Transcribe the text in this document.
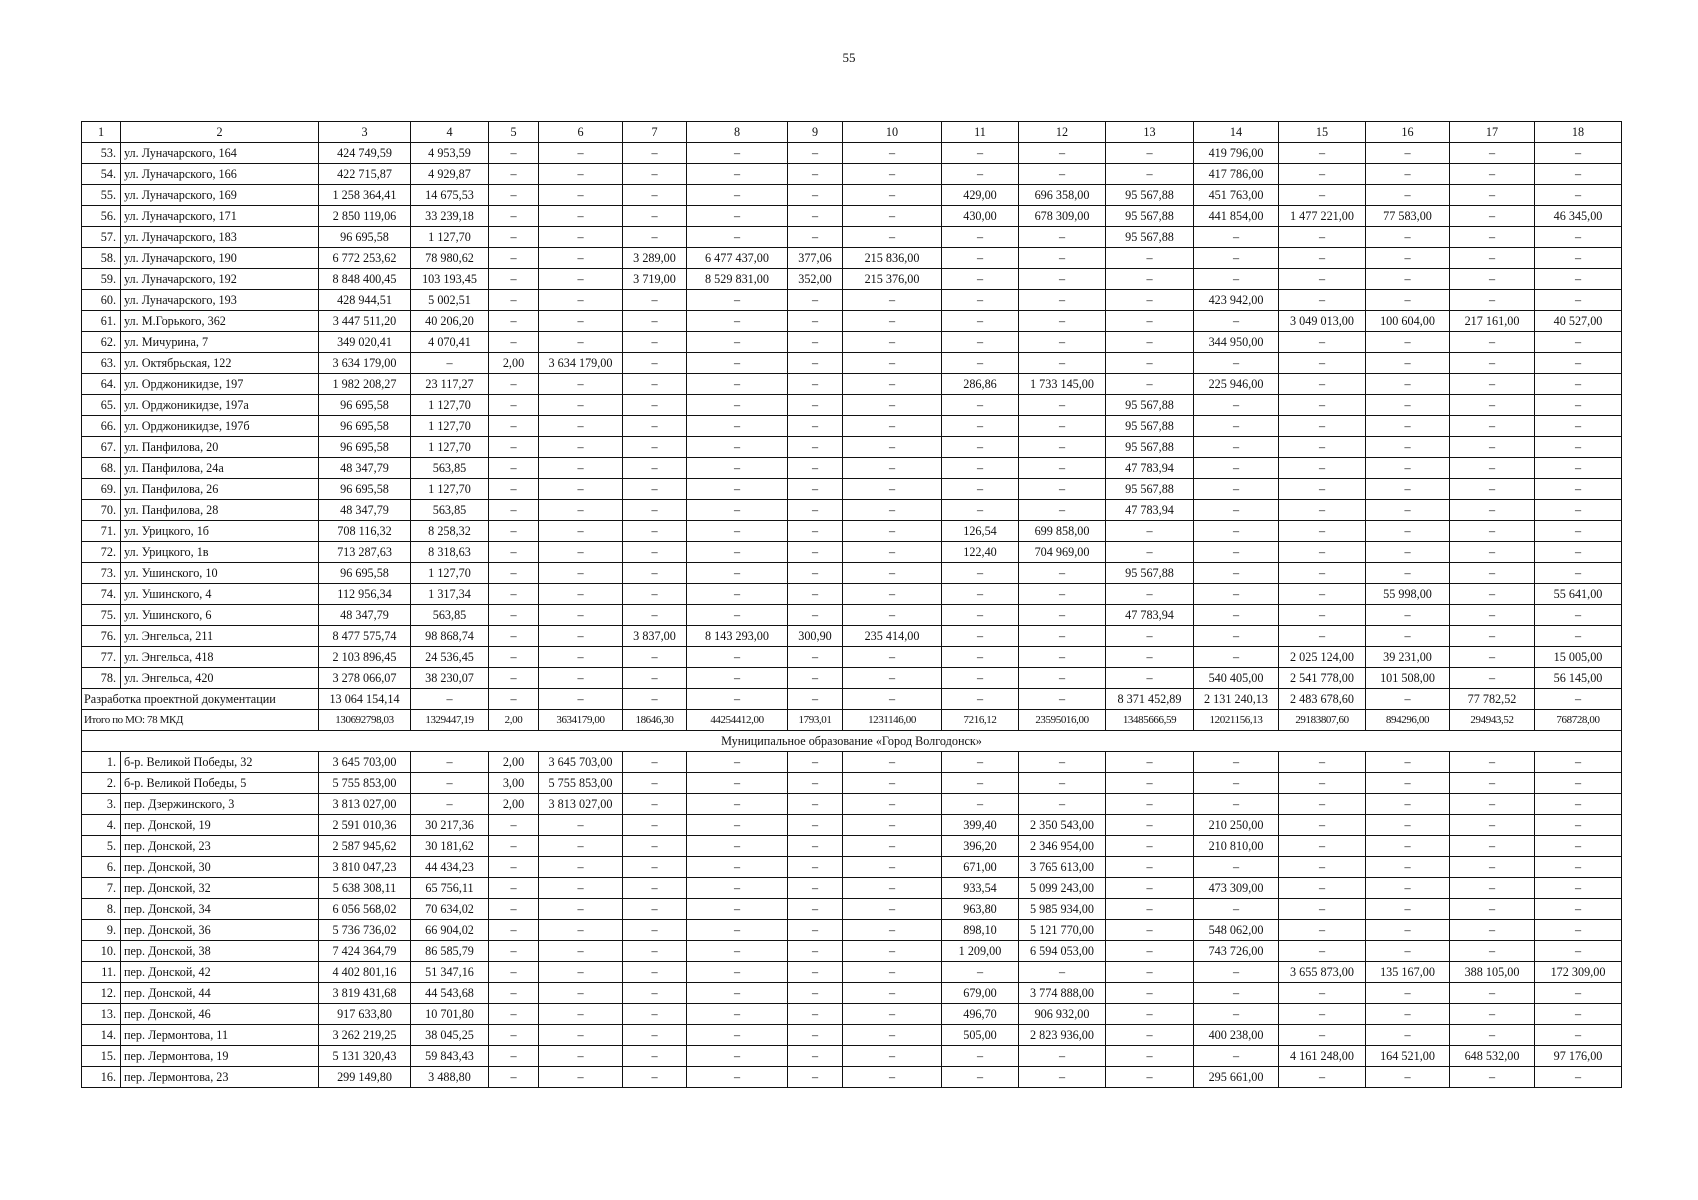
55
1	2	3	4	5	6	7	8	9	10	11	12	13	14	15	16	17	18
53.	ул. Луначарского, 164	424 749,59	4 953,59	–	–	–	–	–	–	–	–	–	419 796,00	–	–	–	–
54.	ул. Луначарского, 166	422 715,87	4 929,87	–	–	–	–	–	–	–	–	–	417 786,00	–	–	–	–
55.	ул. Луначарского, 169	1 258 364,41	14 675,53	–	–	–	–	–	–	429,00	696 358,00	95 567,88	451 763,00	–	–	–	–
56.	ул. Луначарского, 171	2 850 119,06	33 239,18	–	–	–	–	–	–	430,00	678 309,00	95 567,88	441 854,00	1 477 221,00	77 583,00	–	46 345,00
57.	ул. Луначарского, 183	96 695,58	1 127,70	–	–	–	–	–	–	–	–	95 567,88	–	–	–	–	–
58.	ул. Луначарского, 190	6 772 253,62	78 980,62	–	–	3 289,00	6 477 437,00	377,06	215 836,00	–	–	–	–	–	–	–	–
59.	ул. Луначарского, 192	8 848 400,45	103 193,45	–	–	3 719,00	8 529 831,00	352,00	215 376,00	–	–	–	–	–	–	–	–
60.	ул. Луначарского, 193	428 944,51	5 002,51	–	–	–	–	–	–	–	–	–	423 942,00	–	–	–	–
61.	ул. М.Горького, 362	3 447 511,20	40 206,20	–	–	–	–	–	–	–	–	–	–	3 049 013,00	100 604,00	217 161,00	40 527,00
62.	ул. Мичурина, 7	349 020,41	4 070,41	–	–	–	–	–	–	–	–	–	344 950,00	–	–	–	–
63.	ул. Октябрьская, 122	3 634 179,00	–	2,00	3 634 179,00	–	–	–	–	–	–	–	–	–	–	–	–
64.	ул. Орджоникидзе, 197	1 982 208,27	23 117,27	–	–	–	–	–	–	286,86	1 733 145,00	–	225 946,00	–	–	–	–
65.	ул. Орджоникидзе, 197а	96 695,58	1 127,70	–	–	–	–	–	–	–	–	95 567,88	–	–	–	–	–
66.	ул. Орджоникидзе, 197б	96 695,58	1 127,70	–	–	–	–	–	–	–	–	95 567,88	–	–	–	–	–
67.	ул. Панфилова, 20	96 695,58	1 127,70	–	–	–	–	–	–	–	–	95 567,88	–	–	–	–	–
68.	ул. Панфилова, 24а	48 347,79	563,85	–	–	–	–	–	–	–	–	47 783,94	–	–	–	–	–
69.	ул. Панфилова, 26	96 695,58	1 127,70	–	–	–	–	–	–	–	–	95 567,88	–	–	–	–	–
70.	ул. Панфилова, 28	48 347,79	563,85	–	–	–	–	–	–	–	–	47 783,94	–	–	–	–	–
71.	ул. Урицкого, 1б	708 116,32	8 258,32	–	–	–	–	–	–	126,54	699 858,00	–	–	–	–	–	–
72.	ул. Урицкого, 1в	713 287,63	8 318,63	–	–	–	–	–	–	122,40	704 969,00	–	–	–	–	–	–
73.	ул. Ушинского, 10	96 695,58	1 127,70	–	–	–	–	–	–	–	–	95 567,88	–	–	–	–	–
74.	ул. Ушинского, 4	112 956,34	1 317,34	–	–	–	–	–	–	–	–	–	–	–	55 998,00	–	55 641,00
75.	ул. Ушинского, 6	48 347,79	563,85	–	–	–	–	–	–	–	–	47 783,94	–	–	–	–	–
76.	ул. Энгельса, 211	8 477 575,74	98 868,74	–	–	3 837,00	8 143 293,00	300,90	235 414,00	–	–	–	–	–	–	–	–
77.	ул. Энгельса, 418	2 103 896,45	24 536,45	–	–	–	–	–	–	–	–	–	–	2 025 124,00	39 231,00	–	15 005,00
78.	ул. Энгельса, 420	3 278 066,07	38 230,07	–	–	–	–	–	–	–	–	–	540 405,00	2 541 778,00	101 508,00	–	56 145,00
Разработка проектной документации		13 064 154,14	–	–	–	–	–	–	–	–	–	8 371 452,89	2 131 240,13	2 483 678,60	–	77 782,52	–
Итого по МО: 78 МКД		130692798,03	1329447,19	2,00	3634179,00	18646,30	44254412,00	1793,01	1231146,00	7216,12	23595016,00	13485666,59	12021156,13	29183807,60	894296,00	294943,52	768728,00
Муниципальное образование «Город Волгодонск»																	
1.	б-р. Великой Победы, 32	3 645 703,00	–	2,00	3 645 703,00	–	–	–	–	–	–	–	–	–	–	–	–
2.	б-р. Великой Победы, 5	5 755 853,00	–	3,00	5 755 853,00	–	–	–	–	–	–	–	–	–	–	–	–
3.	пер. Дзержинского, 3	3 813 027,00	–	2,00	3 813 027,00	–	–	–	–	–	–	–	–	–	–	–	–
4.	пер. Донской, 19	2 591 010,36	30 217,36	–	–	–	–	–	–	399,40	2 350 543,00	–	210 250,00	–	–	–	–
5.	пер. Донской, 23	2 587 945,62	30 181,62	–	–	–	–	–	–	396,20	2 346 954,00	–	210 810,00	–	–	–	–
6.	пер. Донской, 30	3 810 047,23	44 434,23	–	–	–	–	–	–	671,00	3 765 613,00	–	–	–	–	–	–
7.	пер. Донской, 32	5 638 308,11	65 756,11	–	–	–	–	–	–	933,54	5 099 243,00	–	473 309,00	–	–	–	–
8.	пер. Донской, 34	6 056 568,02	70 634,02	–	–	–	–	–	–	963,80	5 985 934,00	–	–	–	–	–	–
9.	пер. Донской, 36	5 736 736,02	66 904,02	–	–	–	–	–	–	898,10	5 121 770,00	–	548 062,00	–	–	–	–
10.	пер. Донской, 38	7 424 364,79	86 585,79	–	–	–	–	–	–	1 209,00	6 594 053,00	–	743 726,00	–	–	–	–
11.	пер. Донской, 42	4 402 801,16	51 347,16	–	–	–	–	–	–	–	–	–	–	3 655 873,00	135 167,00	388 105,00	172 309,00
12.	пер. Донской, 44	3 819 431,68	44 543,68	–	–	–	–	–	–	679,00	3 774 888,00	–	–	–	–	–	–
13.	пер. Донской, 46	917 633,80	10 701,80	–	–	–	–	–	–	496,70	906 932,00	–	–	–	–	–	–
14.	пер. Лермонтова, 11	3 262 219,25	38 045,25	–	–	–	–	–	–	505,00	2 823 936,00	–	400 238,00	–	–	–	–
15.	пер. Лермонтова, 19	5 131 320,43	59 843,43	–	–	–	–	–	–	–	–	–	–	4 161 248,00	164 521,00	648 532,00	97 176,00
16.	пер. Лермонтова, 23	299 149,80	3 488,80	–	–	–	–	–	–	–	–	–	295 661,00	–	–	–	–
